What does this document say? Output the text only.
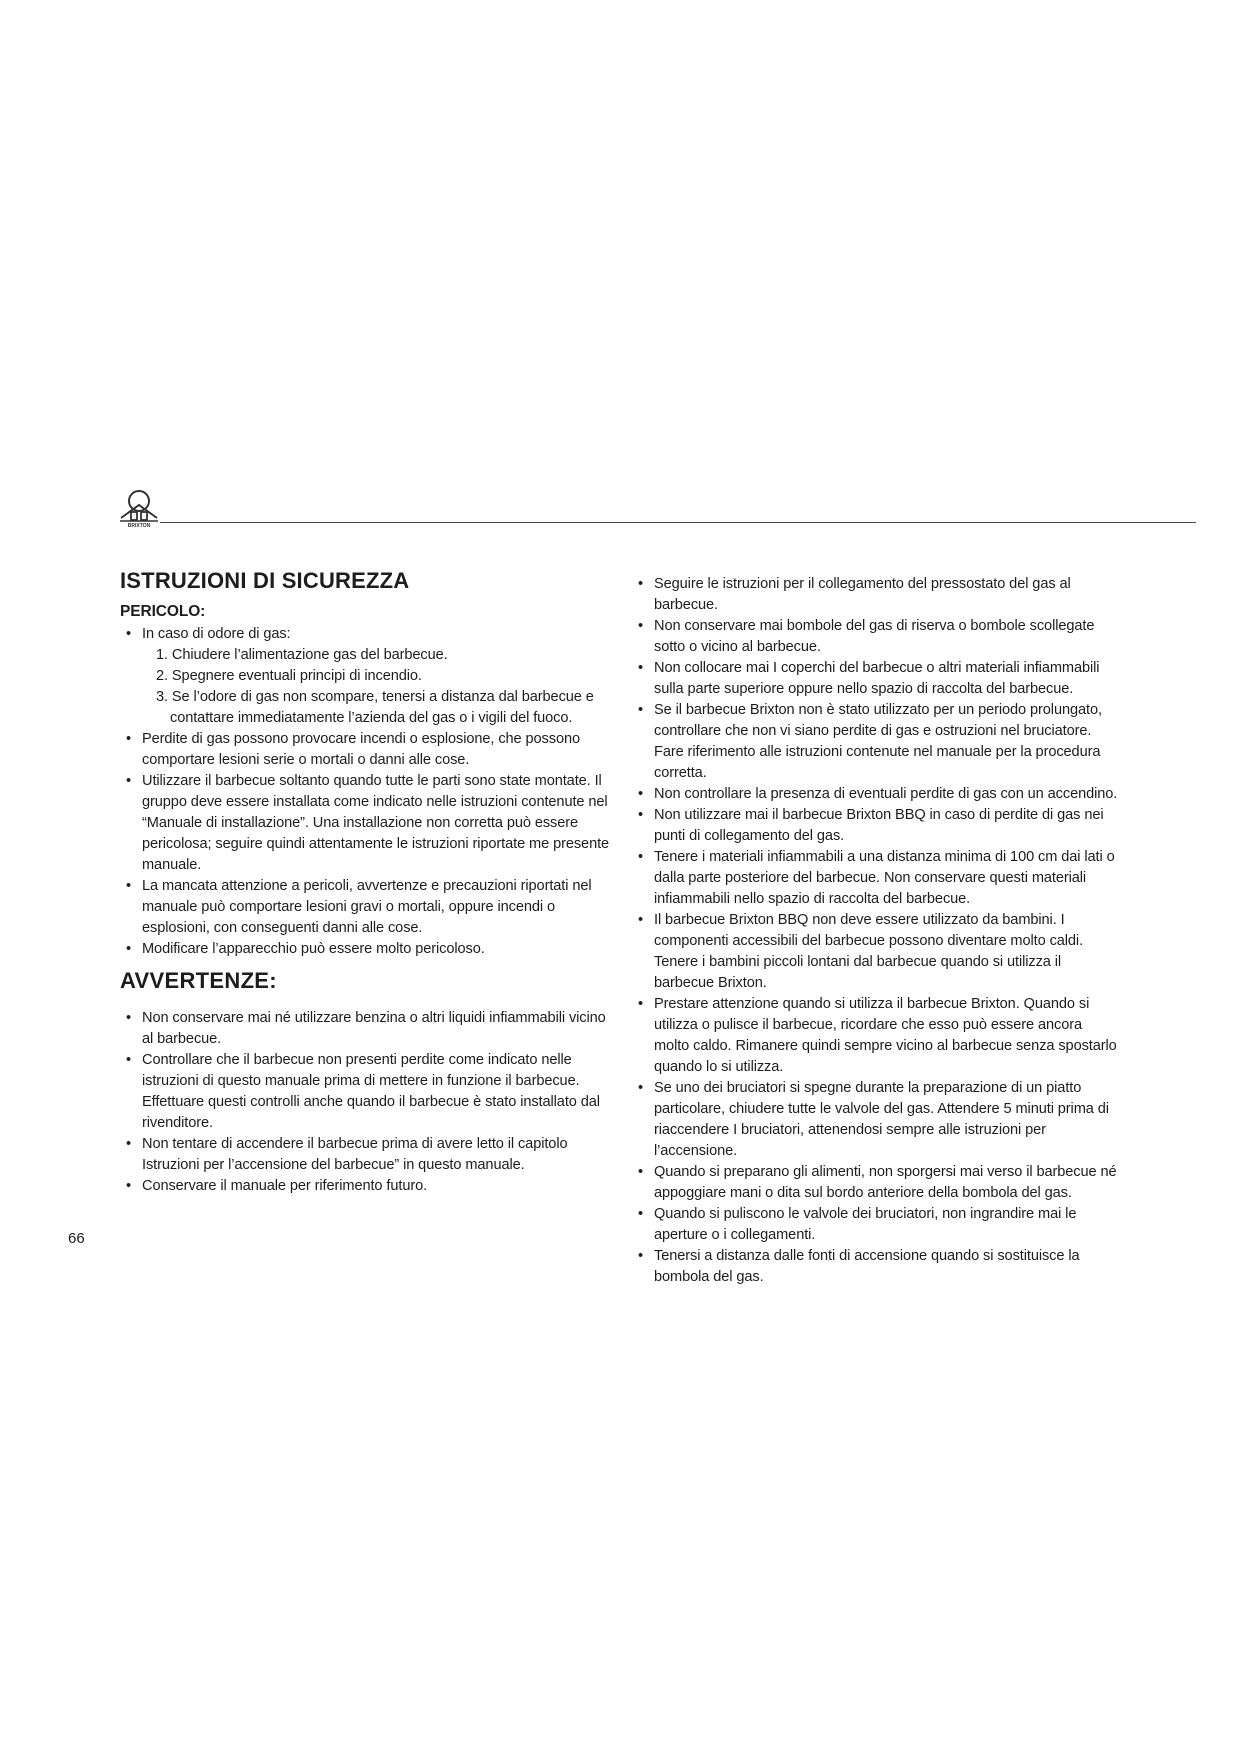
BRIXTON
ISTRUZIONI DI SICUREZZA
PERICOLO:
• In caso di odore di gas:
1. Chiudere l’alimentazione gas del barbecue.
2. Spegnere eventuali principi di incendio.
3. Se l’odore di gas non scompare, tenersi a distanza dal barbecue e contattare immediatamente l’azienda del gas o i vigili del fuoco.
• Perdite di gas possono provocare incendi o esplosione, che possono comportare lesioni serie o mortali o danni alle cose.
• Utilizzare il barbecue soltanto quando tutte le parti sono state montate. Il gruppo deve essere installata come indicato nelle istruzioni contenute nel “Manuale di installazione”. Una installazione non corretta può essere pericolosa; seguire quindi attentamente le istruzioni riportate me presente manuale.
• La mancata attenzione a pericoli, avvertenze e precauzioni riportati nel manuale può comportare lesioni gravi o mortali, oppure incendi o esplosioni, con conseguenti danni alle cose.
• Modificare l’apparecchio può essere molto pericoloso.
AVVERTENZE:
• Non conservare mai né utilizzare benzina o altri liquidi infiammabili vicino al barbecue.
• Controllare che il barbecue non presenti perdite come indicato nelle istruzioni di questo manuale prima di mettere in funzione il barbecue. Effettuare questi controlli anche quando il barbecue è stato installato dal rivenditore.
• Non tentare di accendere il barbecue prima di avere letto il capitolo Istruzioni per l’accensione del barbecue” in questo manuale.
• Conservare il manuale per riferimento futuro.
• Seguire le istruzioni per il collegamento del pressostato del gas al barbecue.
• Non conservare mai bombole del gas di riserva o bombole scollegate sotto o vicino al barbecue.
• Non collocare mai I coperchi del barbecue o altri materiali infiammabili sulla parte superiore oppure nello spazio di raccolta del barbecue.
• Se il barbecue Brixton non è stato utilizzato per un periodo prolungato, controllare che non vi siano perdite di gas e ostruzioni nel bruciatore. Fare riferimento alle istruzioni contenute nel manuale per la procedura corretta.
• Non controllare la presenza di eventuali perdite di gas con un accendino.
• Non utilizzare mai il barbecue Brixton BBQ in caso di perdite di gas nei punti di collegamento del gas.
• Tenere i materiali infiammabili a una distanza minima di 100 cm dai lati o dalla parte posteriore del barbecue. Non conservare questi materiali infiammabili nello spazio di raccolta del barbecue.
• Il barbecue Brixton BBQ non deve essere utilizzato da bambini. I componenti accessibili del barbecue possono diventare molto caldi. Tenere i bambini piccoli lontani dal barbecue quando si utilizza il barbecue Brixton.
• Prestare attenzione quando si utilizza il barbecue Brixton. Quando si utilizza o pulisce il barbecue, ricordare che esso può essere ancora molto caldo. Rimanere quindi sempre vicino al barbecue senza spostarlo quando lo si utilizza.
• Se uno dei bruciatori si spegne durante la preparazione di un piatto particolare, chiudere tutte le valvole del gas. Attendere 5 minuti prima di riaccendere I bruciatori, attenendosi sempre alle istruzioni per l’accensione.
• Quando si preparano gli alimenti, non sporgersi mai verso il barbecue né appoggiare mani o dita sul bordo anteriore della bombola del gas.
• Quando si puliscono le valvole dei bruciatori, non ingrandire mai le aperture o i collegamenti.
• Tenersi a distanza dalle fonti di accensione quando si sostituisce la bombola del gas.
66
